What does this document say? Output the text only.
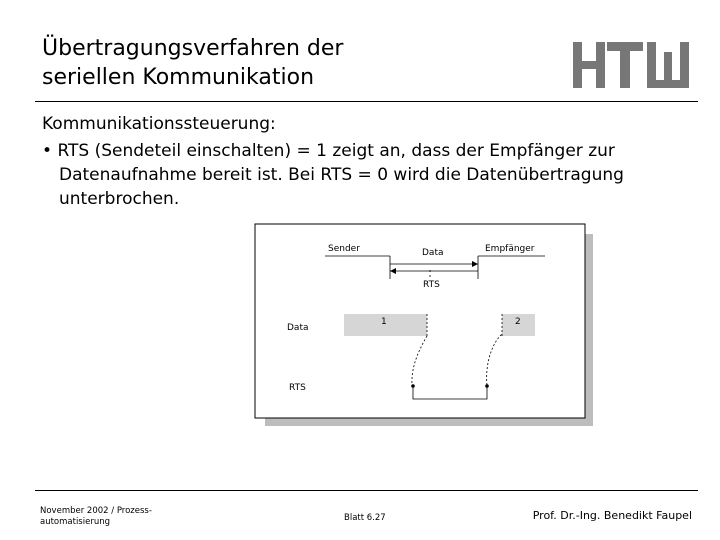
Übertragungsverfahren der
seriellen Kommunikation
Kommunikationssteuerung:
• RTS (Sendeteil einschalten) = 1 zeigt an, dass der Empfänger zur
Datenaufnahme bereit ist. Bei RTS = 0 wird die Datenübertragung
unterbrochen.
Sender	Data	Empfänger
RTS
Data
RTS
1	2
November 2002 / Prozess-
automatisierung	Blatt 6.27	Prof. Dr.-Ing. Benedikt Faupel
